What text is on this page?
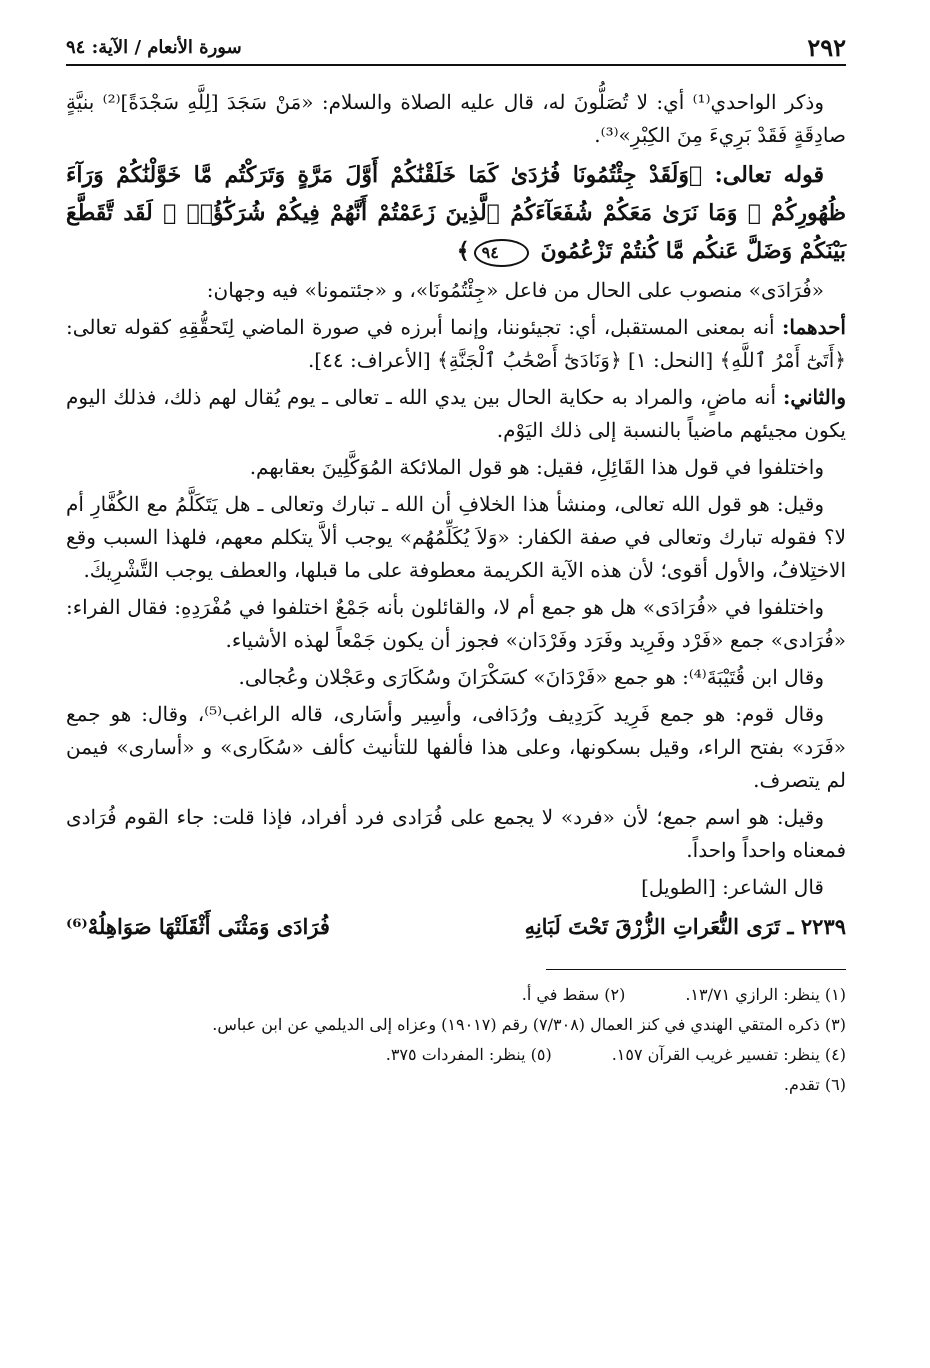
٢٩٢
سورة الأنعام / الآية: ٩٤

وذكر الواحدي⁽¹⁾ أي: لا تُصَلُّونَ له، قال عليه الصلاة والسلام: «مَنْ سَجَدَ [لِلَّهِ سَجْدَةً]⁽²⁾ بنيَّةٍ صادِقَةٍ فَقَدْ بَرِيءَ مِنَ الكِبْرِ»⁽³⁾.

قوله تعالى: ﴿وَلَقَدْ جِئْتُمُونَا فُرَٰدَىٰ كَمَا خَلَقْنَٰكُمْ أَوَّلَ مَرَّةٍ وَتَرَكْتُم مَّا خَوَّلْنَٰكُمْ وَرَآءَ ظُهُورِكُمْ ۖ وَمَا نَرَىٰ مَعَكُمْ شُفَعَآءَكُمُ ٱلَّذِينَ زَعَمْتُمْ أَنَّهُمْ فِيكُمْ شُرَكَٰٓؤُا۟ ۚ لَقَد تَّقَطَّعَ بَيْنَكُمْ وَضَلَّ عَنكُم مَّا كُنتُمْ تَزْعُمُونَ ٩٤﴾

«فُرَادَى» منصوب على الحال من فاعل «جِئْتُمُونَا»، و «جئتمونا» فيه وجهان:

أحدهما: أنه بمعنى المستقبل، أي: تجيئوننا، وإنما أبرزه في صورة الماضي لِتَحقُّقِهِ كقوله تعالى: ﴿أَتَىٰٓ أَمْرُ ٱللَّهِ﴾ [النحل: ١] ﴿وَنَادَىٰٓ أَصْحَٰبُ ٱلْجَنَّةِ﴾ [الأعراف: ٤٤].

والثاني: أنه ماضٍ، والمراد به حكاية الحال بين يدي الله ـ تعالى ـ يوم يُقال لهم ذلك، فذلك اليوم يكون مجيئهم ماضياً بالنسبة إلى ذلك اليَوْم.

واختلفوا في قول هذا القَائِلِ، فقيل: هو قول الملائكة المُوَكَّلِينَ بعقابهم.

وقيل: هو قول الله تعالى، ومنشأ هذا الخلافِ أن الله ـ تبارك وتعالى ـ هل يَتَكَلَّمُ مع الكُفَّارِ أم لا؟ فقوله تبارك وتعالى في صفة الكفار: «وَلاَ يُكَلِّمُهُم» يوجب ألاَّ يتكلم معهم، فلهذا السبب وقع الاختِلافُ، والأول أقوى؛ لأن هذه الآية الكريمة معطوفة على ما قبلها، والعطف يوجب التَّشْرِيكَ.

واختلفوا في «فُرَادَى» هل هو جمع أم لا، والقائلون بأنه جَمْعٌ اختلفوا في مُفْرَدِهِ: فقال الفراء: «فُرَادى» جمع «فَرْد وفَرِيد وفَرَد وفَرْدَان» فجوز أن يكون جَمْعاً لهذه الأشياء.

وقال ابن قُتَيْبَةَ⁽⁴⁾: هو جمع «فَرْدَانَ» كسَكْرَانَ وسُكَارَى وعَجْلان وعُجالى.

وقال قوم: هو جمع فَرِيد كَرَدِيف ورُدَافى، وأسِير وأسَارى، قاله الراغب⁽⁵⁾، وقال: هو جمع «فَرَد» بفتح الراء، وقيل بسكونها، وعلى هذا فألفها للتأنيث كألف «سُكَارى» و «أسارى» فيمن لم يتصرف.

وقيل: هو اسم جمع؛ لأن «فرد» لا يجمع على فُرَادى فرد أفراد، فإذا قلت: جاء القوم فُرَادى فمعناه واحداً واحداً.

قال الشاعر: [الطويل]

٢٢٣٩ ـ تَرَى النُّعَراتِ الزُّرْقَ تَحْتَ لَبَانِهِ
فُرَادَى وَمَثْنَى أَثْقَلَتْهَا صَوَاهِلُهْ⁽⁶⁾
(١) ينظر: الرازي ١٣/٧١.
(٢) سقط في أ.
(٣) ذكره المتقي الهندي في كنز العمال (٧/٣٠٨) رقم (١٩٠١٧) وعزاه إلى الديلمي عن ابن عباس.
(٤) ينظر: تفسير غريب القرآن ١٥٧.
(٥) ينظر: المفردات ٣٧٥.
(٦) تقدم.
